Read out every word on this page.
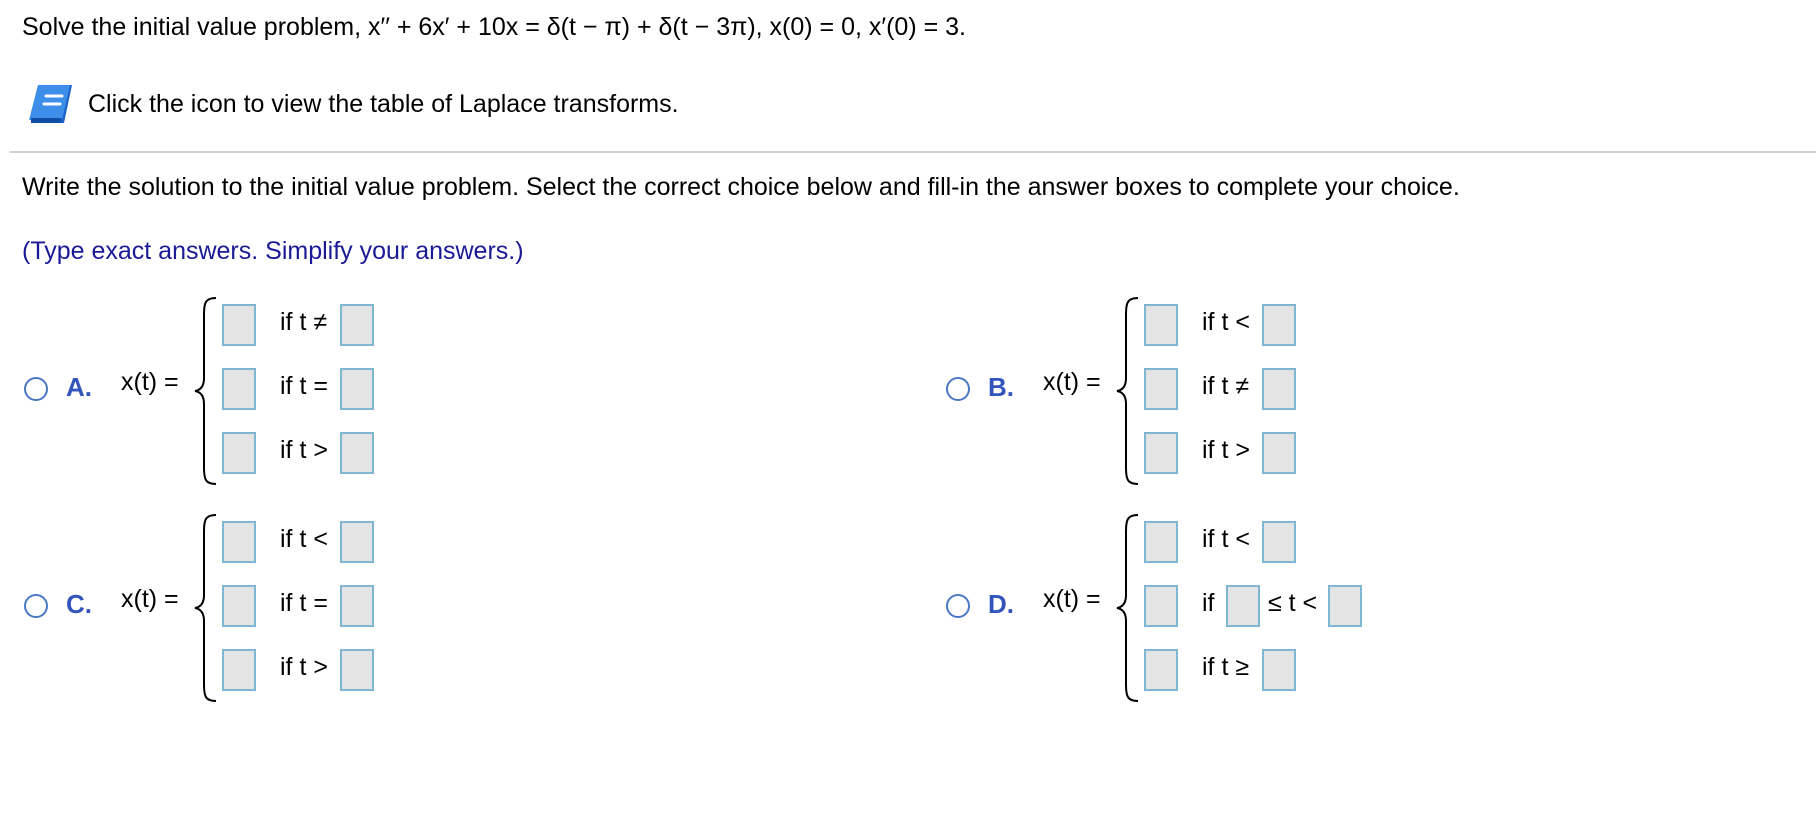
Solve the initial value problem, x′′ + 6x′ + 10x = δ(t − π) + δ(t − 3π), x(0) = 0, x′(0) = 3.
Click the icon to view the table of Laplace transforms.
Write the solution to the initial value problem. Select the correct choice below and fill-in the answer boxes to complete your choice.
(Type exact answers. Simplify your answers.)
A. x(t) =
if t ≠
if t =
if t >
B. x(t) =
if t <
if t ≠
if t >
C. x(t) =
if t <
if t =
if t >
D. x(t) =
if t <
if ≤ t <
if t ≥
